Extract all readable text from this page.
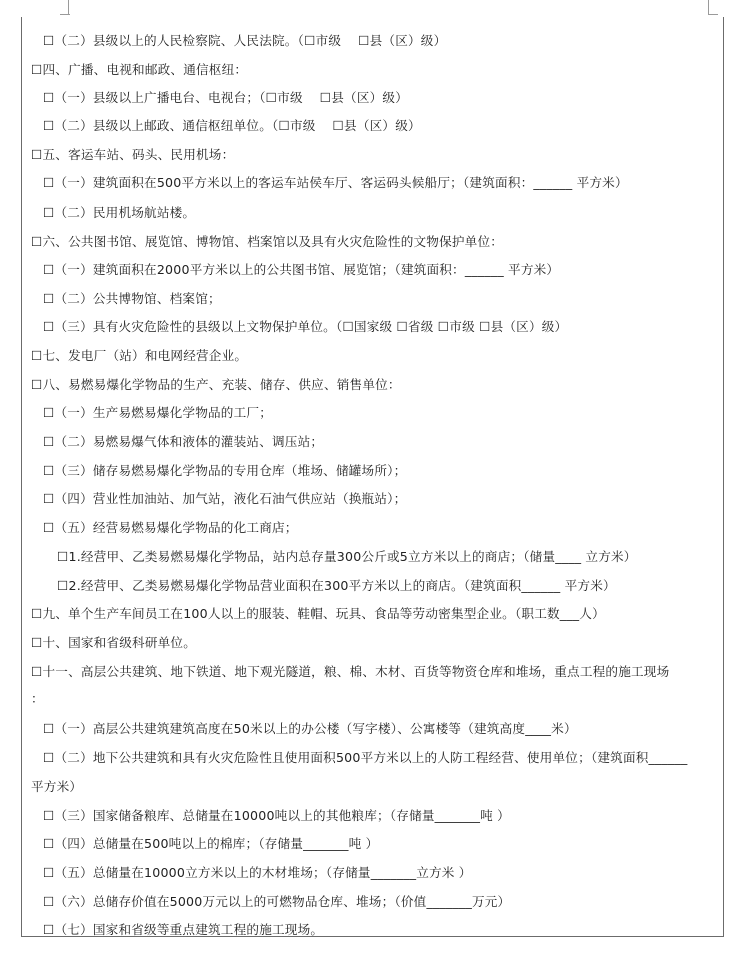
☐（二）县级以上的人民检察院、人民法院。（☐市级 　☐县（区）级）
☐四、广播、电视和邮政、通信枢纽：
☐（一）县级以上广播电台、电视台；（☐市级 　☐县（区）级）
☐（二）县级以上邮政、通信枢纽单位。（☐市级 　☐县（区）级）
☐五、客运车站、码头、民用机场：
☐（一）建筑面积在500平方米以上的客运车站侯车厅、客运码头候船厅；（建筑面积：______ 平方米）
☐（二）民用机场航站楼。
☐六、公共图书馆、展览馆、博物馆、档案馆以及具有火灾危险性的文物保护单位：
☐（一）建筑面积在2000平方米以上的公共图书馆、展览馆；（建筑面积：______ 平方米）
☐（二）公共博物馆、档案馆；
☐（三）具有火灾危险性的县级以上文物保护单位。（☐国家级 ☐省级 ☐市级 ☐县（区）级）
☐七、发电厂（站）和电网经营企业。
☐八、易燃易爆化学物品的生产、充装、储存、供应、销售单位：
☐（一）生产易燃易爆化学物品的工厂；
☐（二）易燃易爆气体和液体的灌装站、调压站；
☐（三）储存易燃易爆化学物品的专用仓库（堆场、储罐场所）；
☐（四）营业性加油站、加气站，液化石油气供应站（换瓶站）；
☐（五）经营易燃易爆化学物品的化工商店；
☐1.经营甲、乙类易燃易爆化学物品，站内总存量300公斤或5立方米以上的商店；（储量____ 立方米）
☐2.经营甲、乙类易燃易爆化学物品营业面积在300平方米以上的商店。（建筑面积______ 平方米）
☐九、单个生产车间员工在100人以上的服装、鞋帽、玩具、食品等劳动密集型企业。（职工数___人）
☐十、国家和省级科研单位。
☐十一、高层公共建筑、地下铁道、地下观光隧道，粮、棉、木材、百货等物资仓库和堆场，重点工程的施工现场
：
☐（一）高层公共建筑建筑高度在50米以上的办公楼（写字楼）、公寓楼等（建筑高度____米）
☐（二）地下公共建筑和具有火灾危险性且使用面积500平方米以上的人防工程经营、使用单位；（建筑面积______
平方米）
☐（三）国家储备粮库、总储量在10000吨以上的其他粮库；（存储量_______吨 ）
☐（四）总储量在500吨以上的棉库；（存储量_______吨 ）
☐（五）总储量在10000立方米以上的木材堆场；（存储量_______立方米 ）
☐（六）总储存价值在5000万元以上的可燃物品仓库、堆场；（价值_______万元）
☐（七）国家和省级等重点建筑工程的施工现场。
